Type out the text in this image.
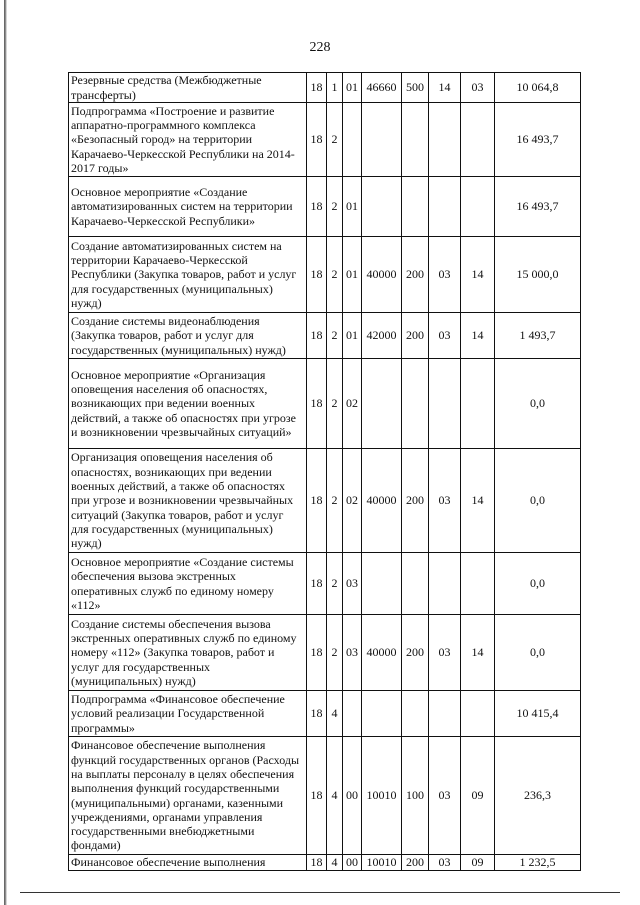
228
Резервные средства (Межбюджетные трансферты)	18	1	01	46660	500	14	03	10 064,8
Подпрограмма «Построение и развитие аппаратно-программного комплекса «Безопасный город» на территории Карачаево-Черкесской Республики на 2014-2017 годы»	18	2						16 493,7
Основное мероприятие «Создание автоматизированных систем на территории Карачаево-Черкесской Республики»	18	2	01					16 493,7
Создание автоматизированных систем на территории Карачаево-Черкесской Республики (Закупка товаров, работ и услуг для государственных (муниципальных) нужд)	18	2	01	40000	200	03	14	15 000,0
Создание системы видеонаблюдения (Закупка товаров, работ и услуг для государственных (муниципальных) нужд)	18	2	01	42000	200	03	14	1 493,7
Основное мероприятие «Организация оповещения населения об опасностях, возникающих при ведении военных действий, а также об опасностях при угрозе и возникновении чрезвычайных ситуаций»	18	2	02					0,0
Организация оповещения населения об опасностях, возникающих при ведении военных действий, а также об опасностях при угрозе и возникновении чрезвычайных ситуаций (Закупка товаров, работ и услуг для государственных (муниципальных) нужд)	18	2	02	40000	200	03	14	0,0
Основное мероприятие «Создание системы обеспечения вызова экстренных оперативных служб по единому номеру «112»	18	2	03					0,0
Создание системы обеспечения вызова экстренных оперативных служб по единому номеру «112» (Закупка товаров, работ и услуг для государственных (муниципальных) нужд)	18	2	03	40000	200	03	14	0,0
Подпрограмма «Финансовое обеспечение условий реализации Государственной программы»	18	4						10 415,4
Финансовое обеспечение выполнения функций государственных органов (Расходы на выплаты персоналу в целях обеспечения выполнения функций государственными (муниципальными) органами, казенными учреждениями, органами управления государственными внебюджетными фондами)	18	4	00	10010	100	03	09	236,3
Финансовое обеспечение выполнения	18	4	00	10010	200	03	09	1 232,5
